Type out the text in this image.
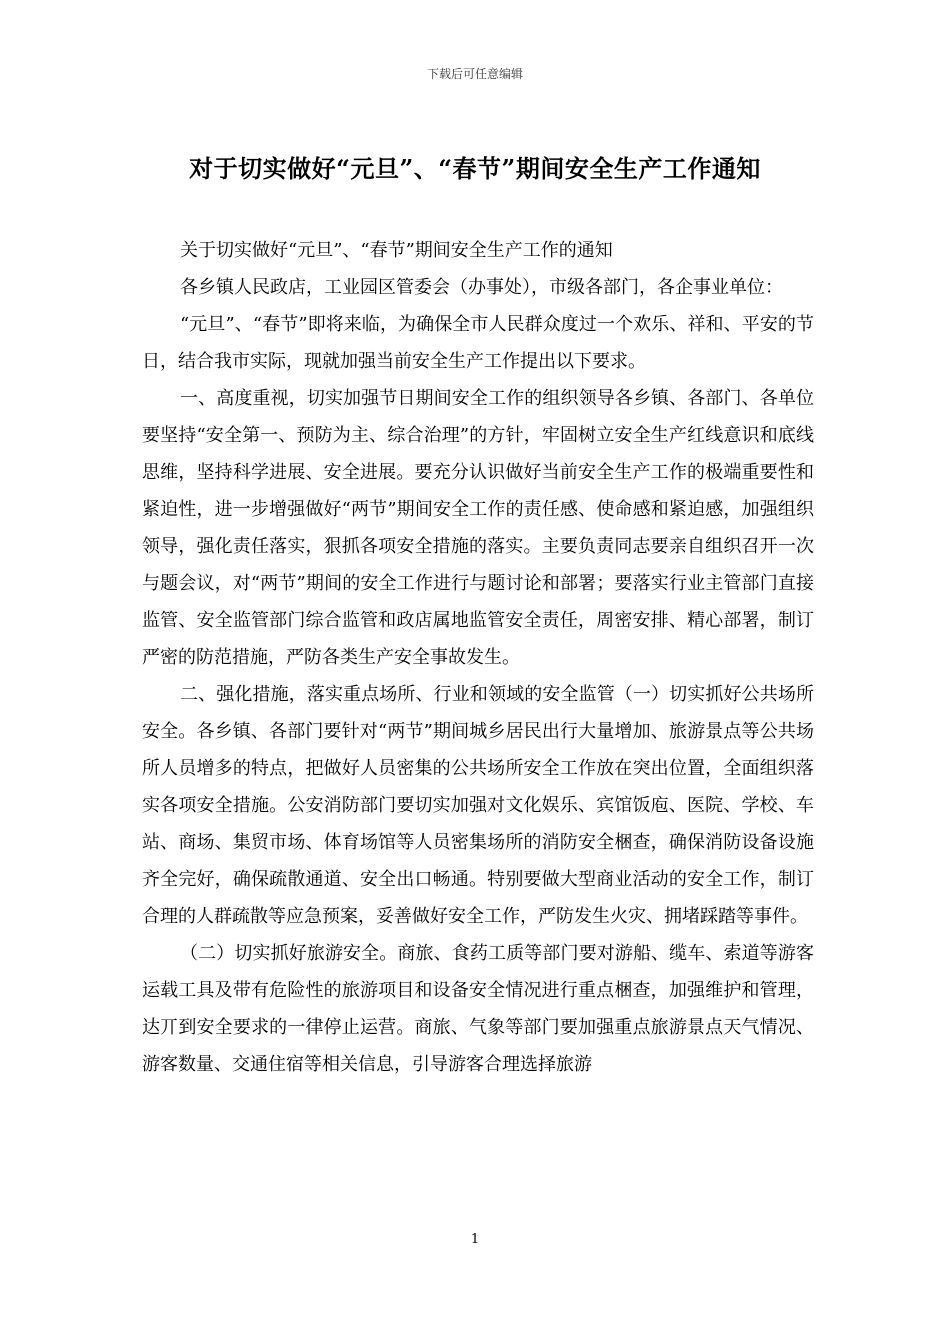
下载后可任意编辑
对于切实做好“元旦”、“春节”期间安全生产工作通知

关于切实做好“元旦”、“春节”期间安全生产工作的通知

各乡镇人民政店，工业园区管委会（办事处），市级各部门，各企事业单位：

“元旦”、“春节”即将来临，为确保全市人民群众度过一个欢乐、祥和、平安的节日，结合我市实际，现就加强当前安全生产工作提出以下要求。

一、高度重视，切实加强节日期间安全工作的组织领导各乡镇、各部门、各单位要坚持“安全第一、预防为主、综合治理”的方针，牢固树立安全生产红线意识和底线思维，坚持科学进展、安全进展。要充分认识做好当前安全生产工作的极端重要性和紧迫性，进一步增强做好“两节”期间安全工作的责任感、使命感和紧迫感，加强组织领导，强化责任落实，狠抓各项安全措施的落实。主要负责同志要亲自组织召开一次与题会议，对“两节”期间的安全工作进行与题讨论和部署；要落实行业主管部门直接监管、安全监管部门综合监管和政店属地监管安全责任，周密安排、精心部署，制订严密的防范措施，严防各类生产安全事故发生。

二、强化措施，落实重点场所、行业和领域的安全监管（一）切实抓好公共场所安全。各乡镇、各部门要针对“两节”期间城乡居民出行大量增加、旅游景点等公共场所人员增多的特点，把做好人员密集的公共场所安全工作放在突出位置，全面组织落实各项安全措施。公安消防部门要切实加强对文化娱乐、宾馆饭庖、医院、学校、车站、商场、集贸市场、体育场馆等人员密集场所的消防安全梱查，确保消防设备设施齐全完好，确保疏散通道、安全出口畅通。特别要做大型商业活动的安全工作，制订合理的人群疏散等应急预案，妥善做好安全工作，严防发生火灾、拥堵踩踏等事件。

（二）切实抓好旅游安全。商旅、食药工质等部门要对游船、缆车、索道等游客运载工具及带有危险性的旅游项目和设备安全情况进行重点梱查，加强维护和管理，达丌到安全要求的一律停止运营。商旅、气象等部门要加强重点旅游景点天气情况、游客数量、交通住宿等相关信息，引导游客合理选择旅游

1
